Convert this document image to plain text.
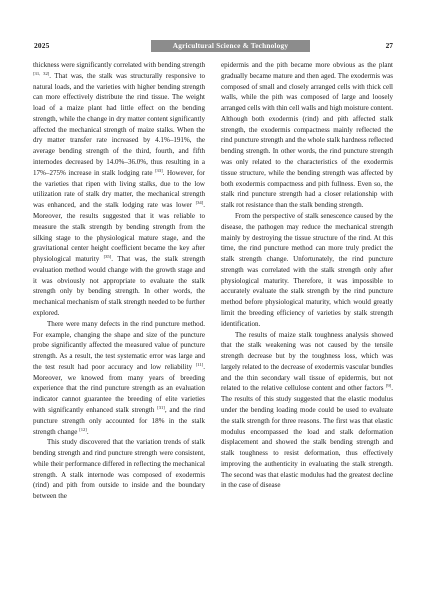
2025	Agricultural Science & Technology	27

thickness were significantly correlated with bending strength [31, 32]. That was, the stalk was structurally responsive to natural loads, and the varieties with higher bending strength can more effectively distribute the rind tissue. The weight load of a maize plant had little effect on the bending strength, while the change in dry matter content significantly affected the mechanical strength of maize stalks. When the dry matter transfer rate increased by 4.1%–191%, the average bending strength of the third, fourth, and fifth internodes decreased by 14.0%–36.0%, thus resulting in a 17%–275% increase in stalk lodging rate [33]. However, for the varieties that ripen with living stalks, due to the low utilization rate of stalk dry matter, the mechanical strength was enhanced, and the stalk lodging rate was lower [34]. Moreover, the results suggested that it was reliable to measure the stalk strength by bending strength from the silking stage to the physiological mature stage, and the gravitational center height coefficient became the key after physiological maturity [35]. That was, the stalk strength evaluation method would change with the growth stage and it was obviously not appropriate to evaluate the stalk strength only by bending strength. In other words, the mechanical mechanism of stalk strength needed to be further explored.

There were many defects in the rind puncture method. For example, changing the shape and size of the puncture probe significantly affected the measured value of puncture strength. As a result, the test systematic error was large and the test result had poor accuracy and low reliability [11]. Moreover, we knowed from many years of breeding experience that the rind puncture strength as an evaluation indicator cannot guarantee the breeding of elite varieties with significantly enhanced stalk strength [31], and the rind puncture strength only accounted for 18% in the stalk strength change [12].

This study discovered that the variation trends of stalk bending strength and rind puncture strength were consistent, while their performance differed in reflecting the mechanical strength. A stalk internode was composed of exodermis (rind) and pith from outside to inside and the boundary between the

epidermis and the pith became more obvious as the plant gradually became mature and then aged. The exodermis was composed of small and closely arranged cells with thick cell walls, while the pith was composed of large and loosely arranged cells with thin cell walls and high moisture content. Although both exodermis (rind) and pith affected stalk strength, the exodermis compactness mainly reflected the rind puncture strength and the whole stalk hardness reflected bending strength. In other words, the rind puncture strength was only related to the characteristics of the exodermis tissue structure, while the bending strength was affected by both exodermis compactness and pith fullness. Even so, the stalk rind puncture strength had a closer relationship with stalk rot resistance than the stalk bending strength.

From the perspective of stalk senescence caused by the disease, the pathogen may reduce the mechanical strength mainly by destroying the tissue structure of the rind. At this time, the rind puncture method can more truly predict the stalk strength change. Unfortunately, the rind puncture strength was correlated with the stalk strength only after physiological maturity. Therefore, it was impossible to accurately evaluate the stalk strength by the rind puncture method before physiological maturity, which would greatly limit the breeding efficiency of varieties by stalk strength identification.

The results of maize stalk toughness analysis showed that the stalk weakening was not caused by the tensile strength decrease but by the toughness loss, which was largely related to the decrease of exodermis vascular bundles and the thin secondary wall tissue of epidermis, but not related to the relative cellulose content and other factors [9]. The results of this study suggested that the elastic modulus under the bending loading mode could be used to evaluate the stalk strength for three reasons. The first was that elastic modulus encompassed the load and stalk deformation displacement and showed the stalk bending strength and stalk toughness to resist deformation, thus effectively improving the authenticity in evaluating the stalk strength. The second was that elastic modulus had the greatest decline in the case of disease
